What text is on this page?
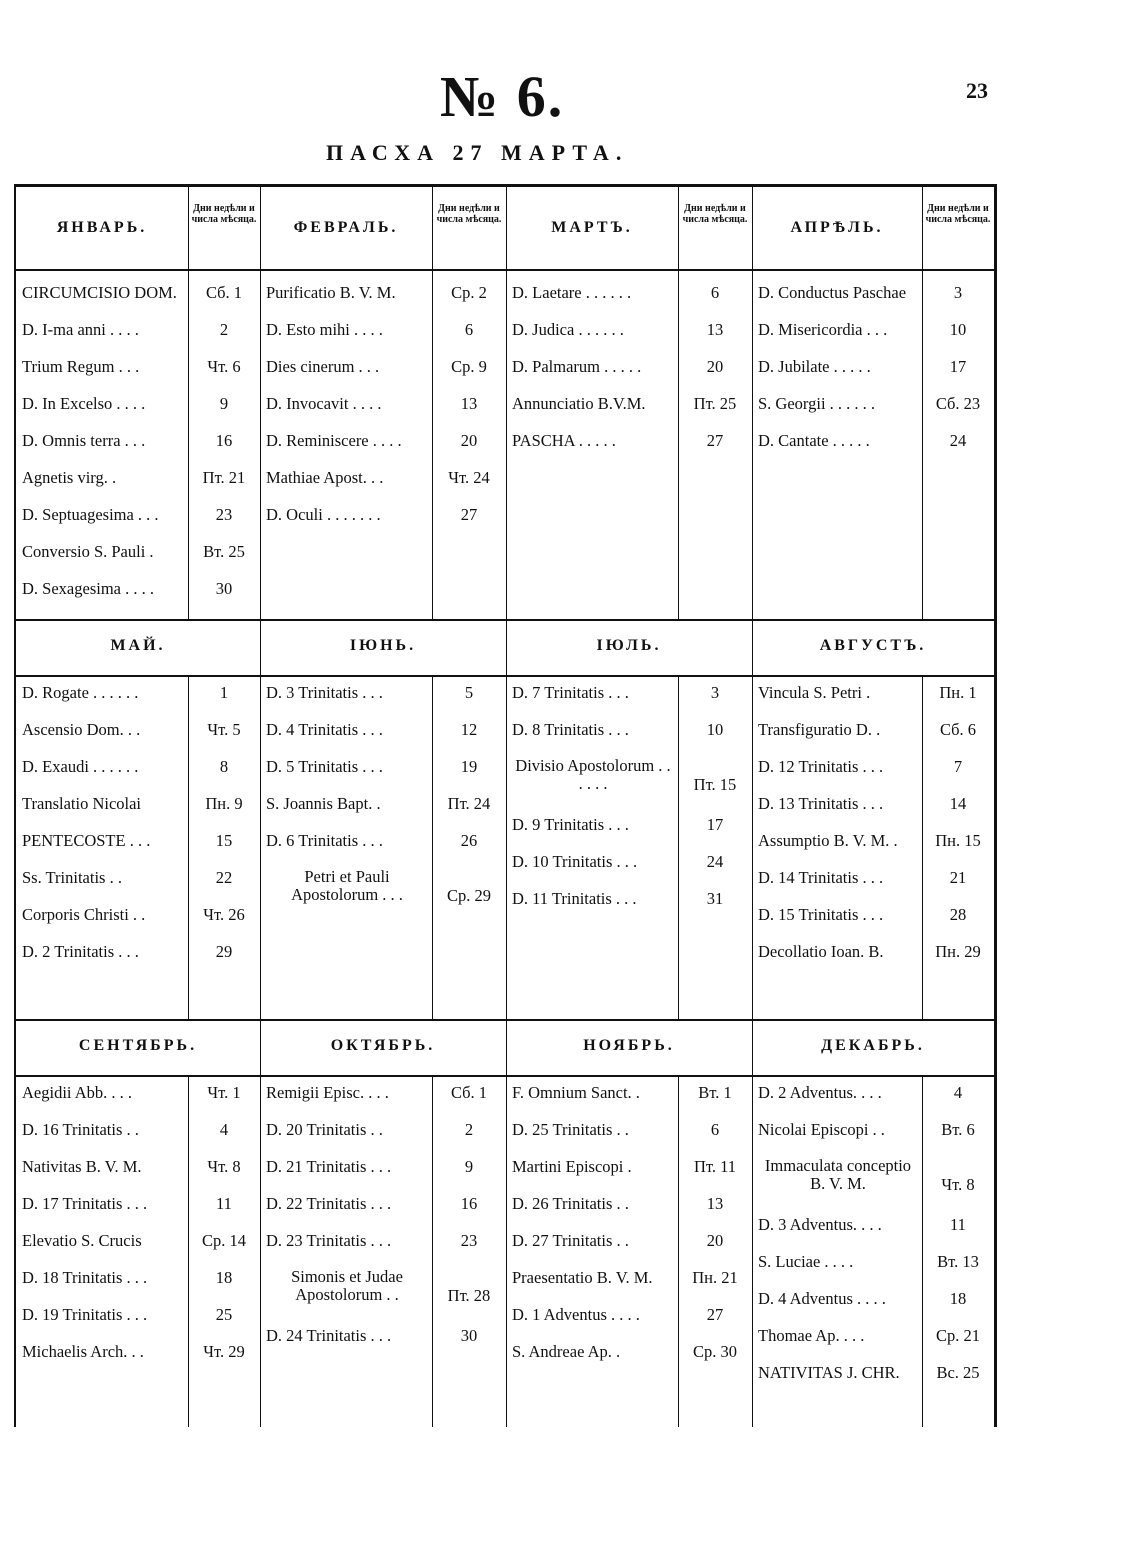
23
№ 6.
ПАСХА 27 МАРТА.
ЯНВАРЬ.
Дни недѣли и числа мѣсяца.
CIRCUMCISIO DOM.	Сб. 1
D. I-ma anni . . . .	2
Trium Regum . . .	Чт. 6
D. In Excelso . . . .	9
D. Omnis terra . . .	16
Agnetis virg. .	Пт. 21
D. Septuagesima . . .	23
Conversio S. Pauli .	Вт. 25
D. Sexagesima . . . .	30
ФЕВРАЛЬ.
Дни недѣли и числа мѣсяца.
Purificatio B. V. M.	Ср. 2
D. Esto mihi . . . .	6
Dies cinerum . . .	Ср. 9
D. Invocavit . . . .	13
D. Reminiscere . . . .	20
Mathiae Apost. . .	Чт. 24
D. Oculi . . . . . . .	27
МАРТЪ.
Дни недѣли и числа мѣсяца.
D. Laetare . . . . . .	6
D. Judica . . . . . .	13
D. Palmarum . . . . .	20
Annunciatio B.V.M.	Пт. 25
PASCHA . . . . .	27
АПРѢЛЬ.
Дни недѣли и числа мѣсяца.
D. Conductus Paschae	3
D. Misericordia . . .	10
D. Jubilate . . . . .	17
S. Georgii . . . . . .	Сб. 23
D. Cantate . . . . .	24
МАЙ.
D. Rogate . . . . . .	1
Ascensio Dom. . .	Чт. 5
D. Exaudi . . . . . .	8
Translatio Nicolai	Пн. 9
PENTECOSTE . . .	15
Ss. Trinitatis . .	22
Corporis Christi . .	Чт. 26
D. 2 Trinitatis . . .	29
IЮНЬ.
D. 3 Trinitatis . . .	5
D. 4 Trinitatis . . .	12
D. 5 Trinitatis . . .	19
S. Joannis Bapt. .	Пт. 24
D. 6 Trinitatis . . .	26
Petri et Pauli Apostolorum . . .	Ср. 29
IЮЛЬ.
D. 7 Trinitatis . . .	3
D. 8 Trinitatis . . .	10
Divisio Apostolorum . . . . . .	Пт. 15
D. 9 Trinitatis . . .	17
D. 10 Trinitatis . . .	24
D. 11 Trinitatis . . .	31
АВГУСТЪ.
Vincula S. Petri .	Пн. 1
Transfiguratio D. .	Сб. 6
D. 12 Trinitatis . . .	7
D. 13 Trinitatis . . .	14
Assumptio B. V. M. .	Пн. 15
D. 14 Trinitatis . . .	21
D. 15 Trinitatis . . .	28
Decollatio Ioan. B.	Пн. 29
СЕНТЯБРЬ.
Aegidii Abb. . . .	Чт. 1
D. 16 Trinitatis . .	4
Nativitas B. V. M.	Чт. 8
D. 17 Trinitatis . . .	11
Elevatio S. Crucis	Ср. 14
D. 18 Trinitatis . . .	18
D. 19 Trinitatis . . .	25
Michaelis Arch. . .	Чт. 29
ОКТЯБРЬ.
Remigii Episc. . . .	Сб. 1
D. 20 Trinitatis . .	2
D. 21 Trinitatis . . .	9
D. 22 Trinitatis . . .	16
D. 23 Trinitatis . . .	23
Simonis et Judae Apostolorum . .	Пт. 28
D. 24 Trinitatis . . .	30
НОЯБРЬ.
F. Omnium Sanct. .	Вт. 1
D. 25 Trinitatis . .	6
Martini Episcopi .	Пт. 11
D. 26 Trinitatis . .	13
D. 27 Trinitatis . .	20
Praesentatio B. V. M.	Пн. 21
D. 1 Adventus . . . .	27
S. Andreae Ap. .	Ср. 30
ДЕКАБРЬ.
D. 2 Adventus. . . .	4
Nicolai Episcopi . .	Вт. 6
Immaculata conceptio B. V. M.	Чт. 8
D. 3 Adventus. . . .	11
S. Luciae . . . .	Вт. 13
D. 4 Adventus . . . .	18
Thomae Ap. . . .	Ср. 21
NATIVITAS J. CHR.	Вс. 25
